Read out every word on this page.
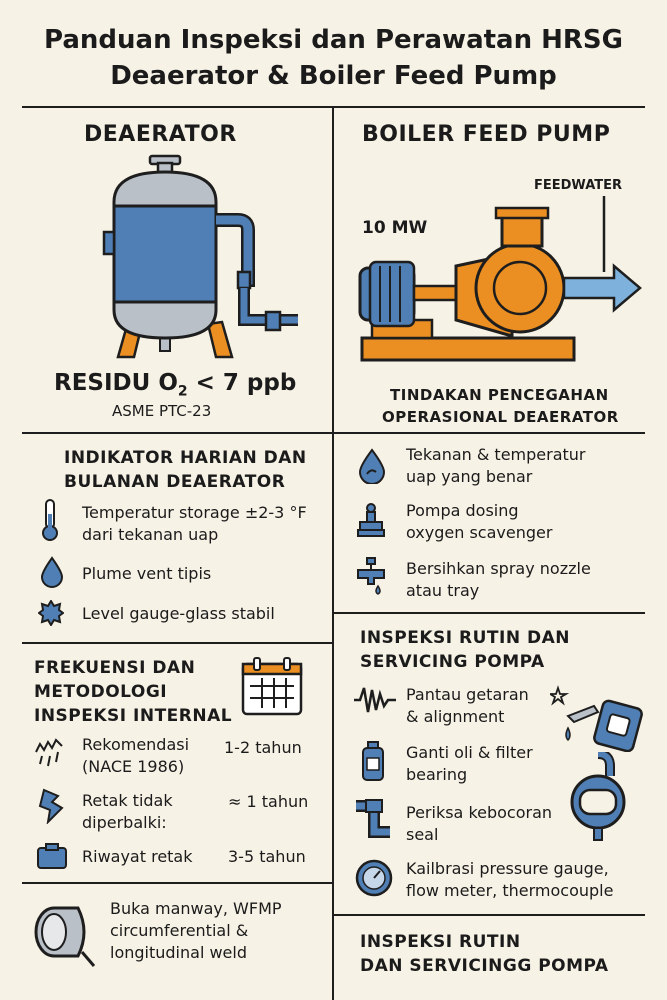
Panduan Inspeksi dan Perawatan HRSG
Deaerator & Boiler Feed Pump
DEAERATOR
RESIDU $O_2 < 7$ ppb
ASME PTC-23
BOILER FEED PUMP
FEEDWATER
10 MW
TINDAKAN PENCEGAHAN
OPERASIONAL DEAERATOR
INDIKATOR HARIAN DAN
BULANAN DEAERATOR
Temperatur storage ±2-3 °F
dari tekanan uap
Plume vent tipis
Level gauge-glass stabil
Tekanan & temperatur
uap yang benar
Pompa dosing
oxygen scavenger
Bersihkan spray nozzle
atau tray
FREKUENSI DAN
METODOLOGI
INSPEKSI INTERNAL
Rekomendasi
(NACE 1986)
1-2 tahun
Retak tidak
diperbalki:
≈ 1 tahun
Riwayat retak 3-5 tahun
Buka manway, WFMP
circumferential &
longitudinal weld
INSPEKSI RUTIN DAN
SERVICING POMPA
Pantau getaran
& alignment
Ganti oli & filter
bearing
Periksa kebocoran
seal
Kailbrasi pressure gauge,
flow meter, thermocouple
INSPEKSI RUTIN
DAN SERVICINGG POMPA
